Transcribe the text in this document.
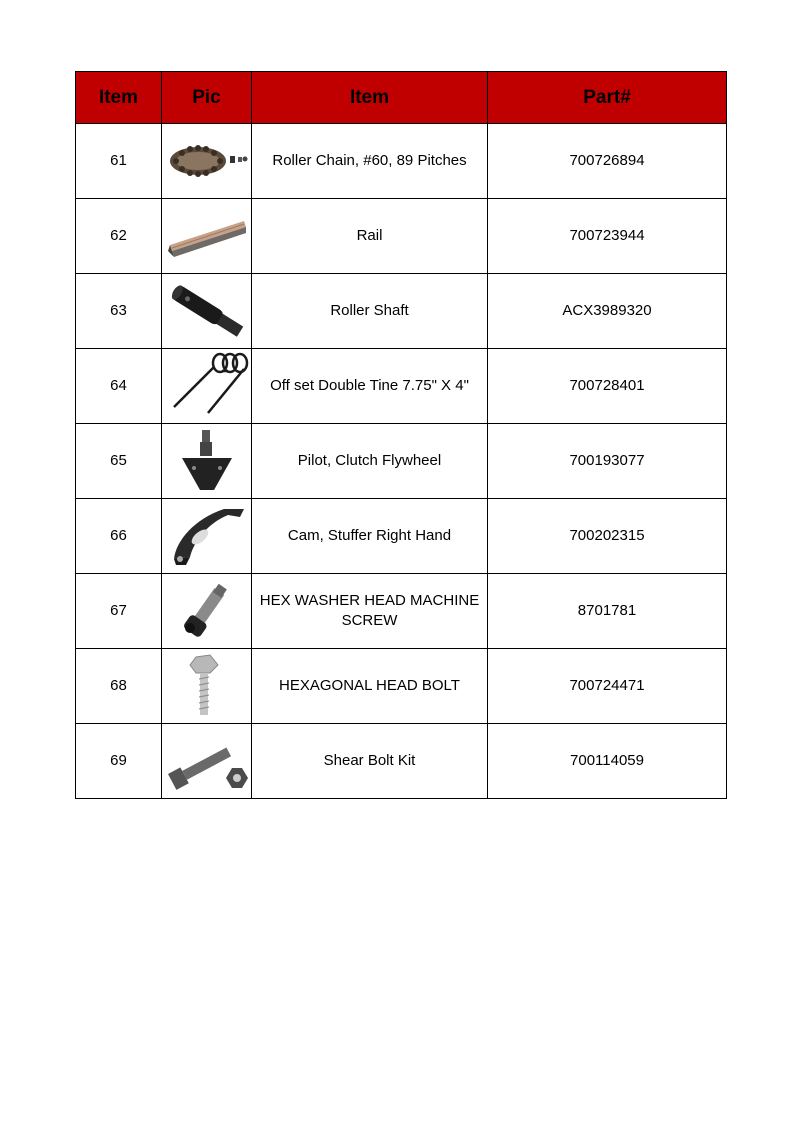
Item	Pic	Item	Part#
61		Roller Chain, #60, 89 Pitches	700726894
62		Rail	700723944
63		Roller Shaft	ACX3989320
64		Off set Double Tine 7.75" X 4"	700728401
65		Pilot, Clutch Flywheel	700193077
66		Cam, Stuffer Right Hand	700202315
67		HEX WASHER HEAD MACHINE SCREW	8701781
68		HEXAGONAL HEAD BOLT	700724471
69		Shear Bolt Kit	700114059
